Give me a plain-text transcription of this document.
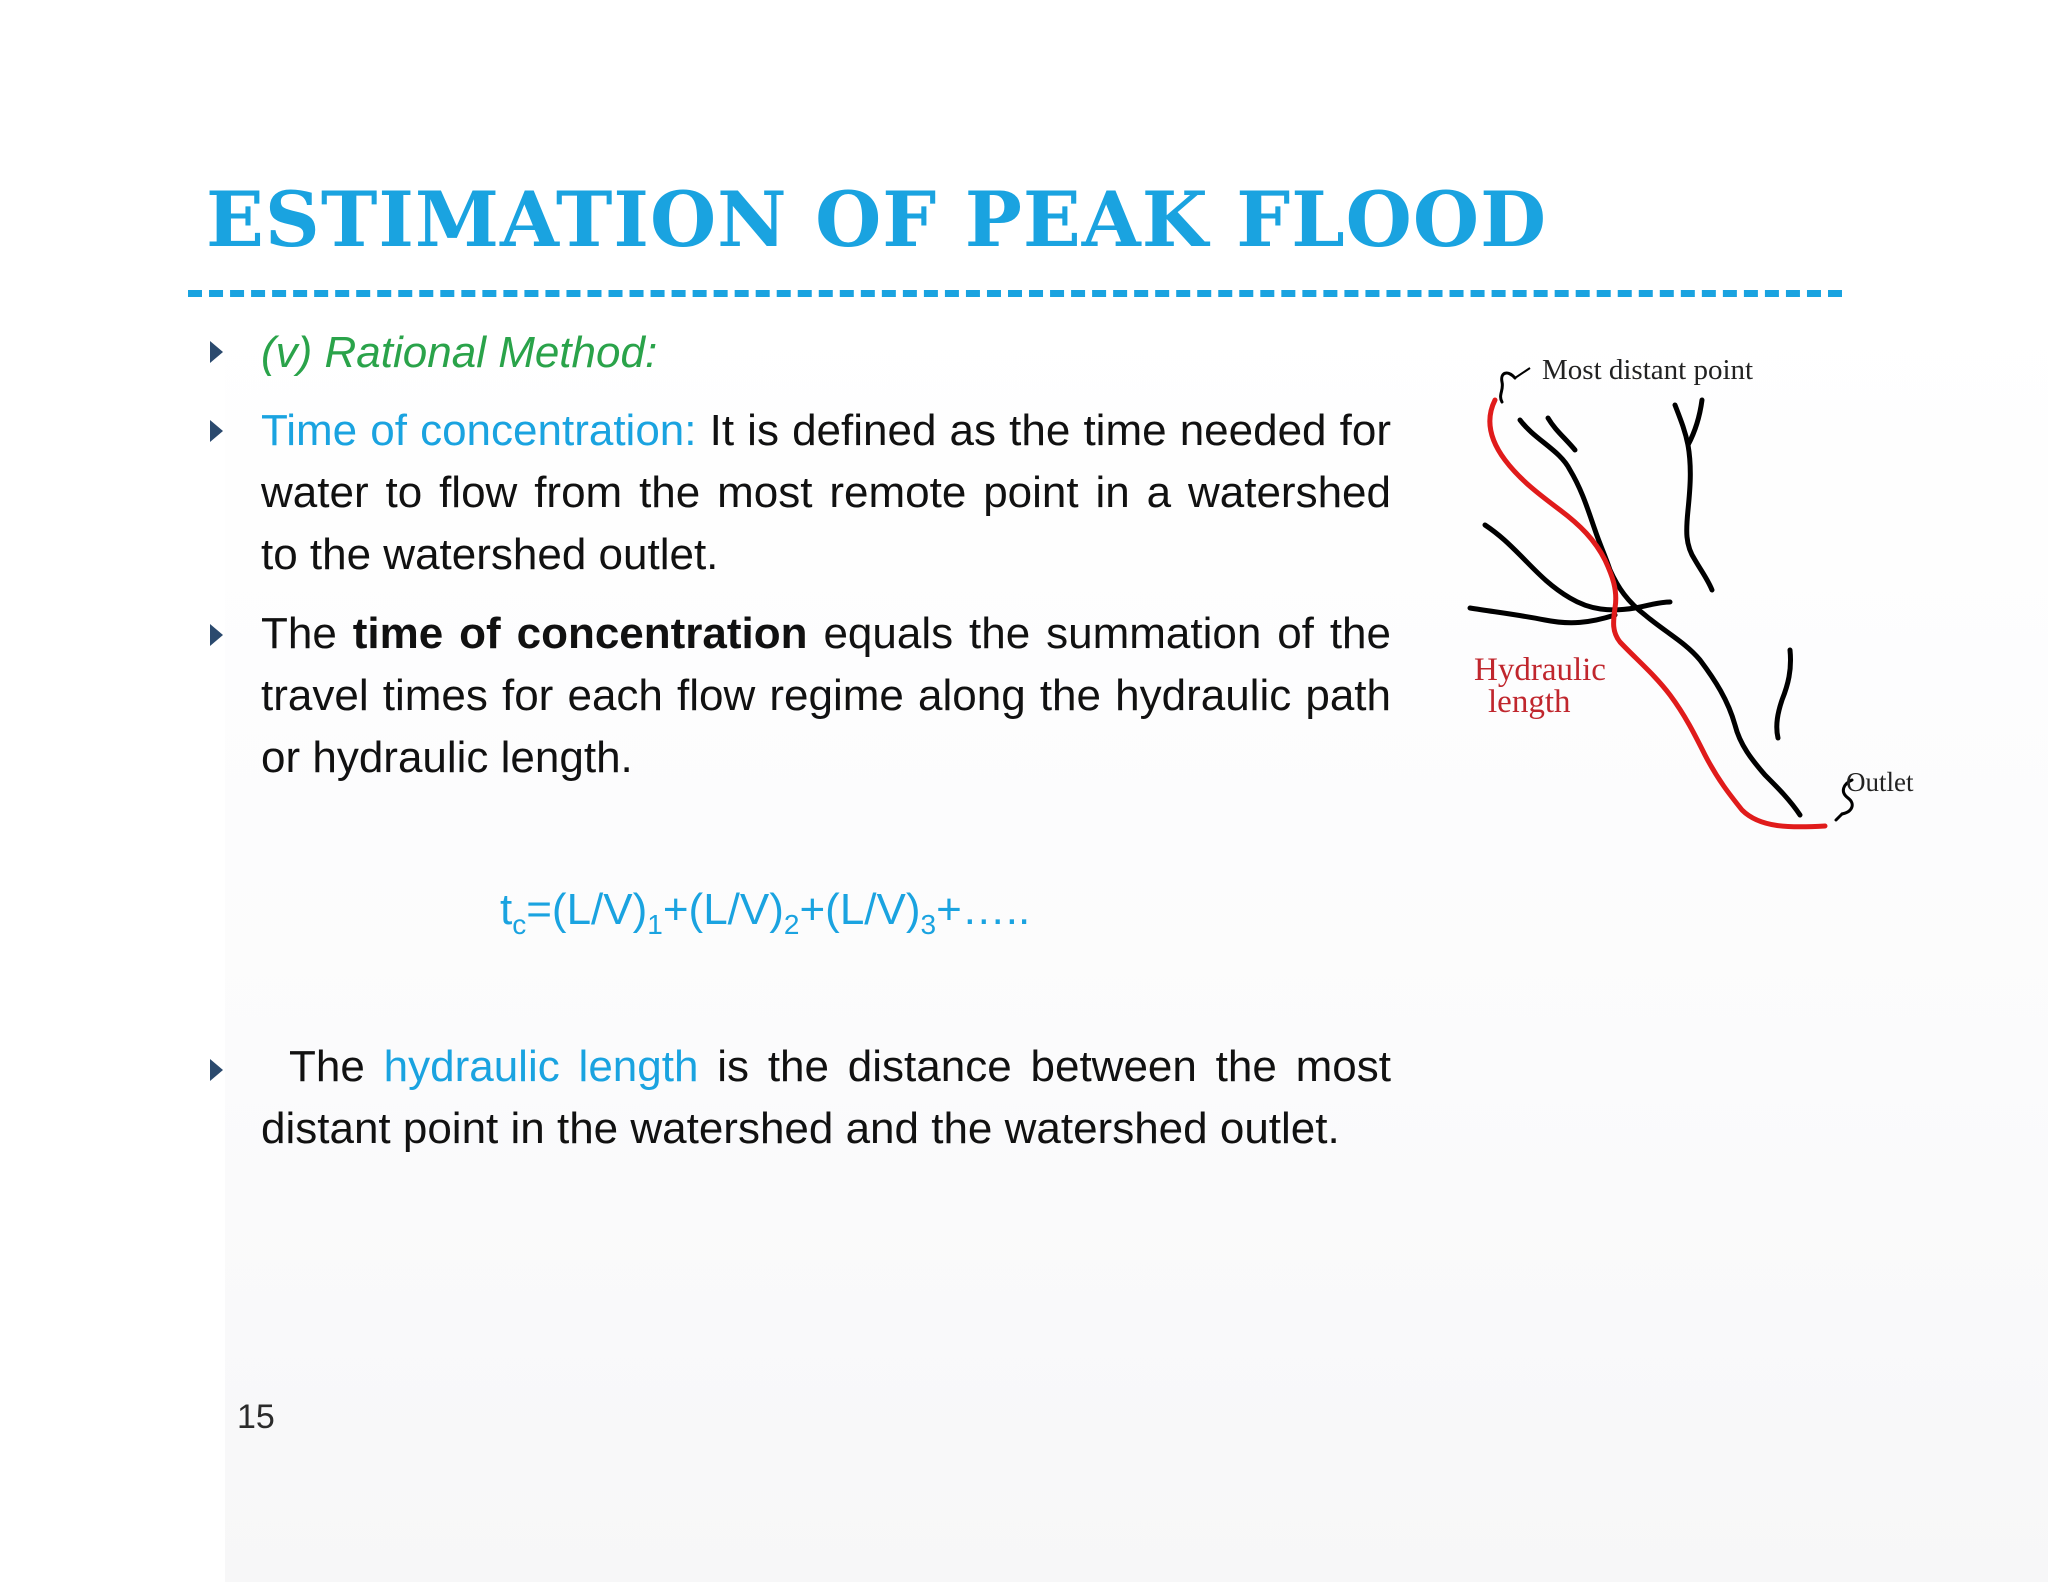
ESTIMATION OF PEAK FLOOD
(v) Rational Method:
Time of concentration: It is defined as the time needed for water to flow from the most remote point in a watershed to the watershed outlet.
The time of concentration equals the summation of the travel times for each flow regime along the hydraulic path or hydraulic length.
$t_c=(L/V)_1+(L/V)_2+(L/V)_3+\dots$..
The hydraulic length is the distance between the most distant point in the watershed and the watershed outlet.
15
Most distant point
Hydraulic
length
Outlet
